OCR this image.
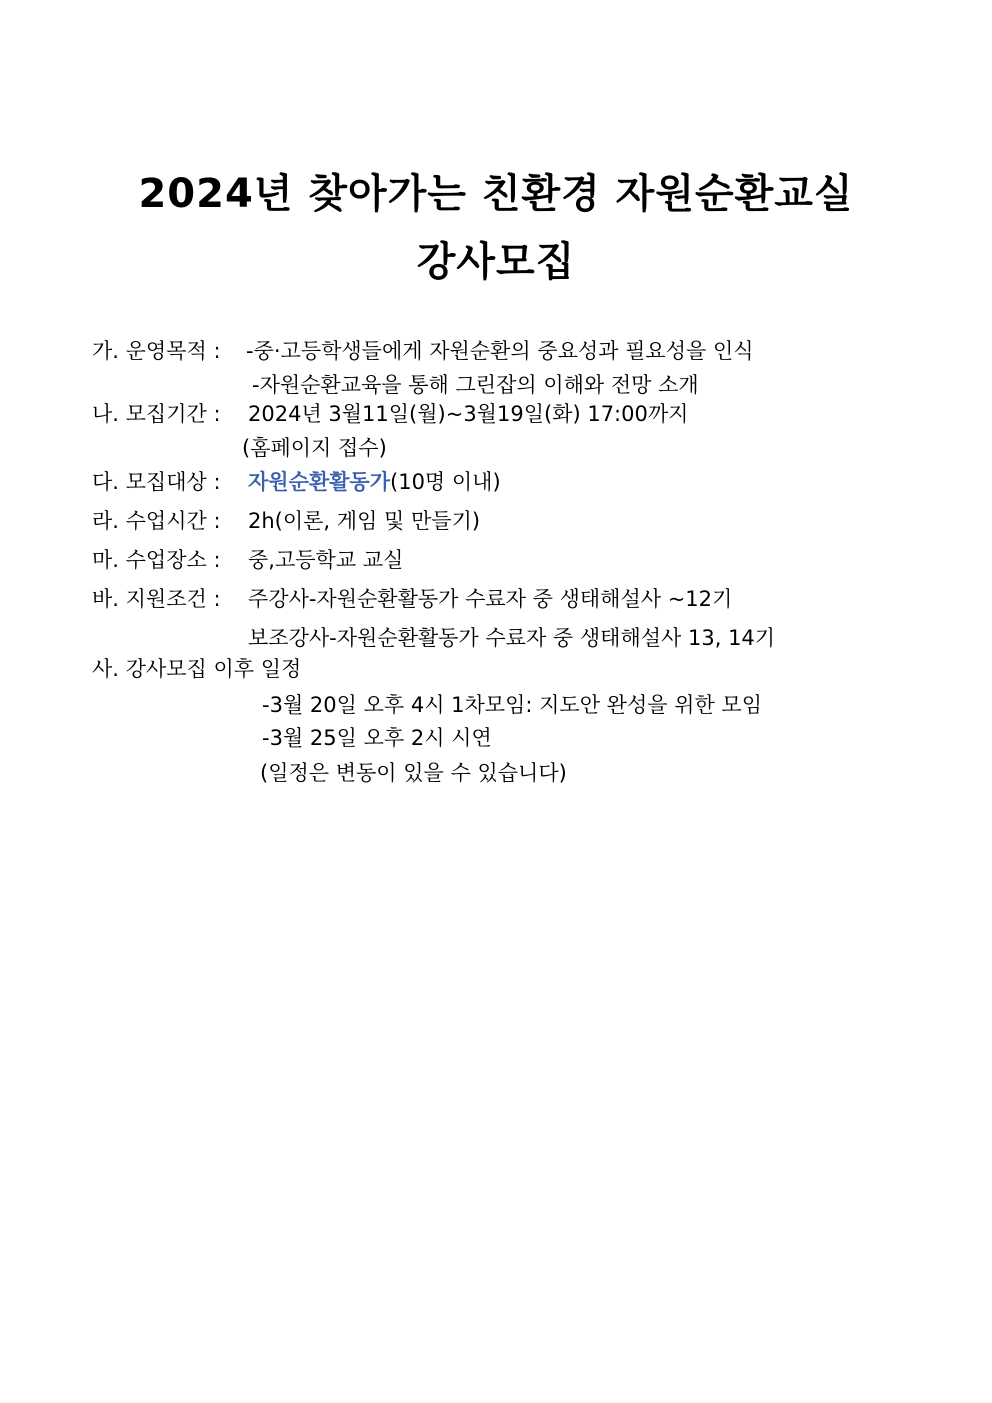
2024년 찾아가는 친환경 자원순환교실
강사모집
가. 운영목적 : -중·고등학생들에게 자원순환의 중요성과 필요성을 인식
-자원순환교육을 통해 그린잡의 이해와 전망 소개
나. 모집기간 : 2024년 3월11일(월)~3월19일(화) 17:00까지
(홈페이지 접수)
다. 모집대상 : 자원순환활동가(10명 이내)
라. 수업시간 : 2h(이론, 게임 및 만들기)
마. 수업장소 : 중,고등학교 교실
바. 지원조건 : 주강사-자원순환활동가 수료자 중 생태해설사 ~12기
보조강사-자원순환활동가 수료자 중 생태해설사 13, 14기
사. 강사모집 이후 일정
-3월 20일 오후 4시 1차모임: 지도안 완성을 위한 모임
-3월 25일 오후 2시 시연
(일정은 변동이 있을 수 있습니다)
